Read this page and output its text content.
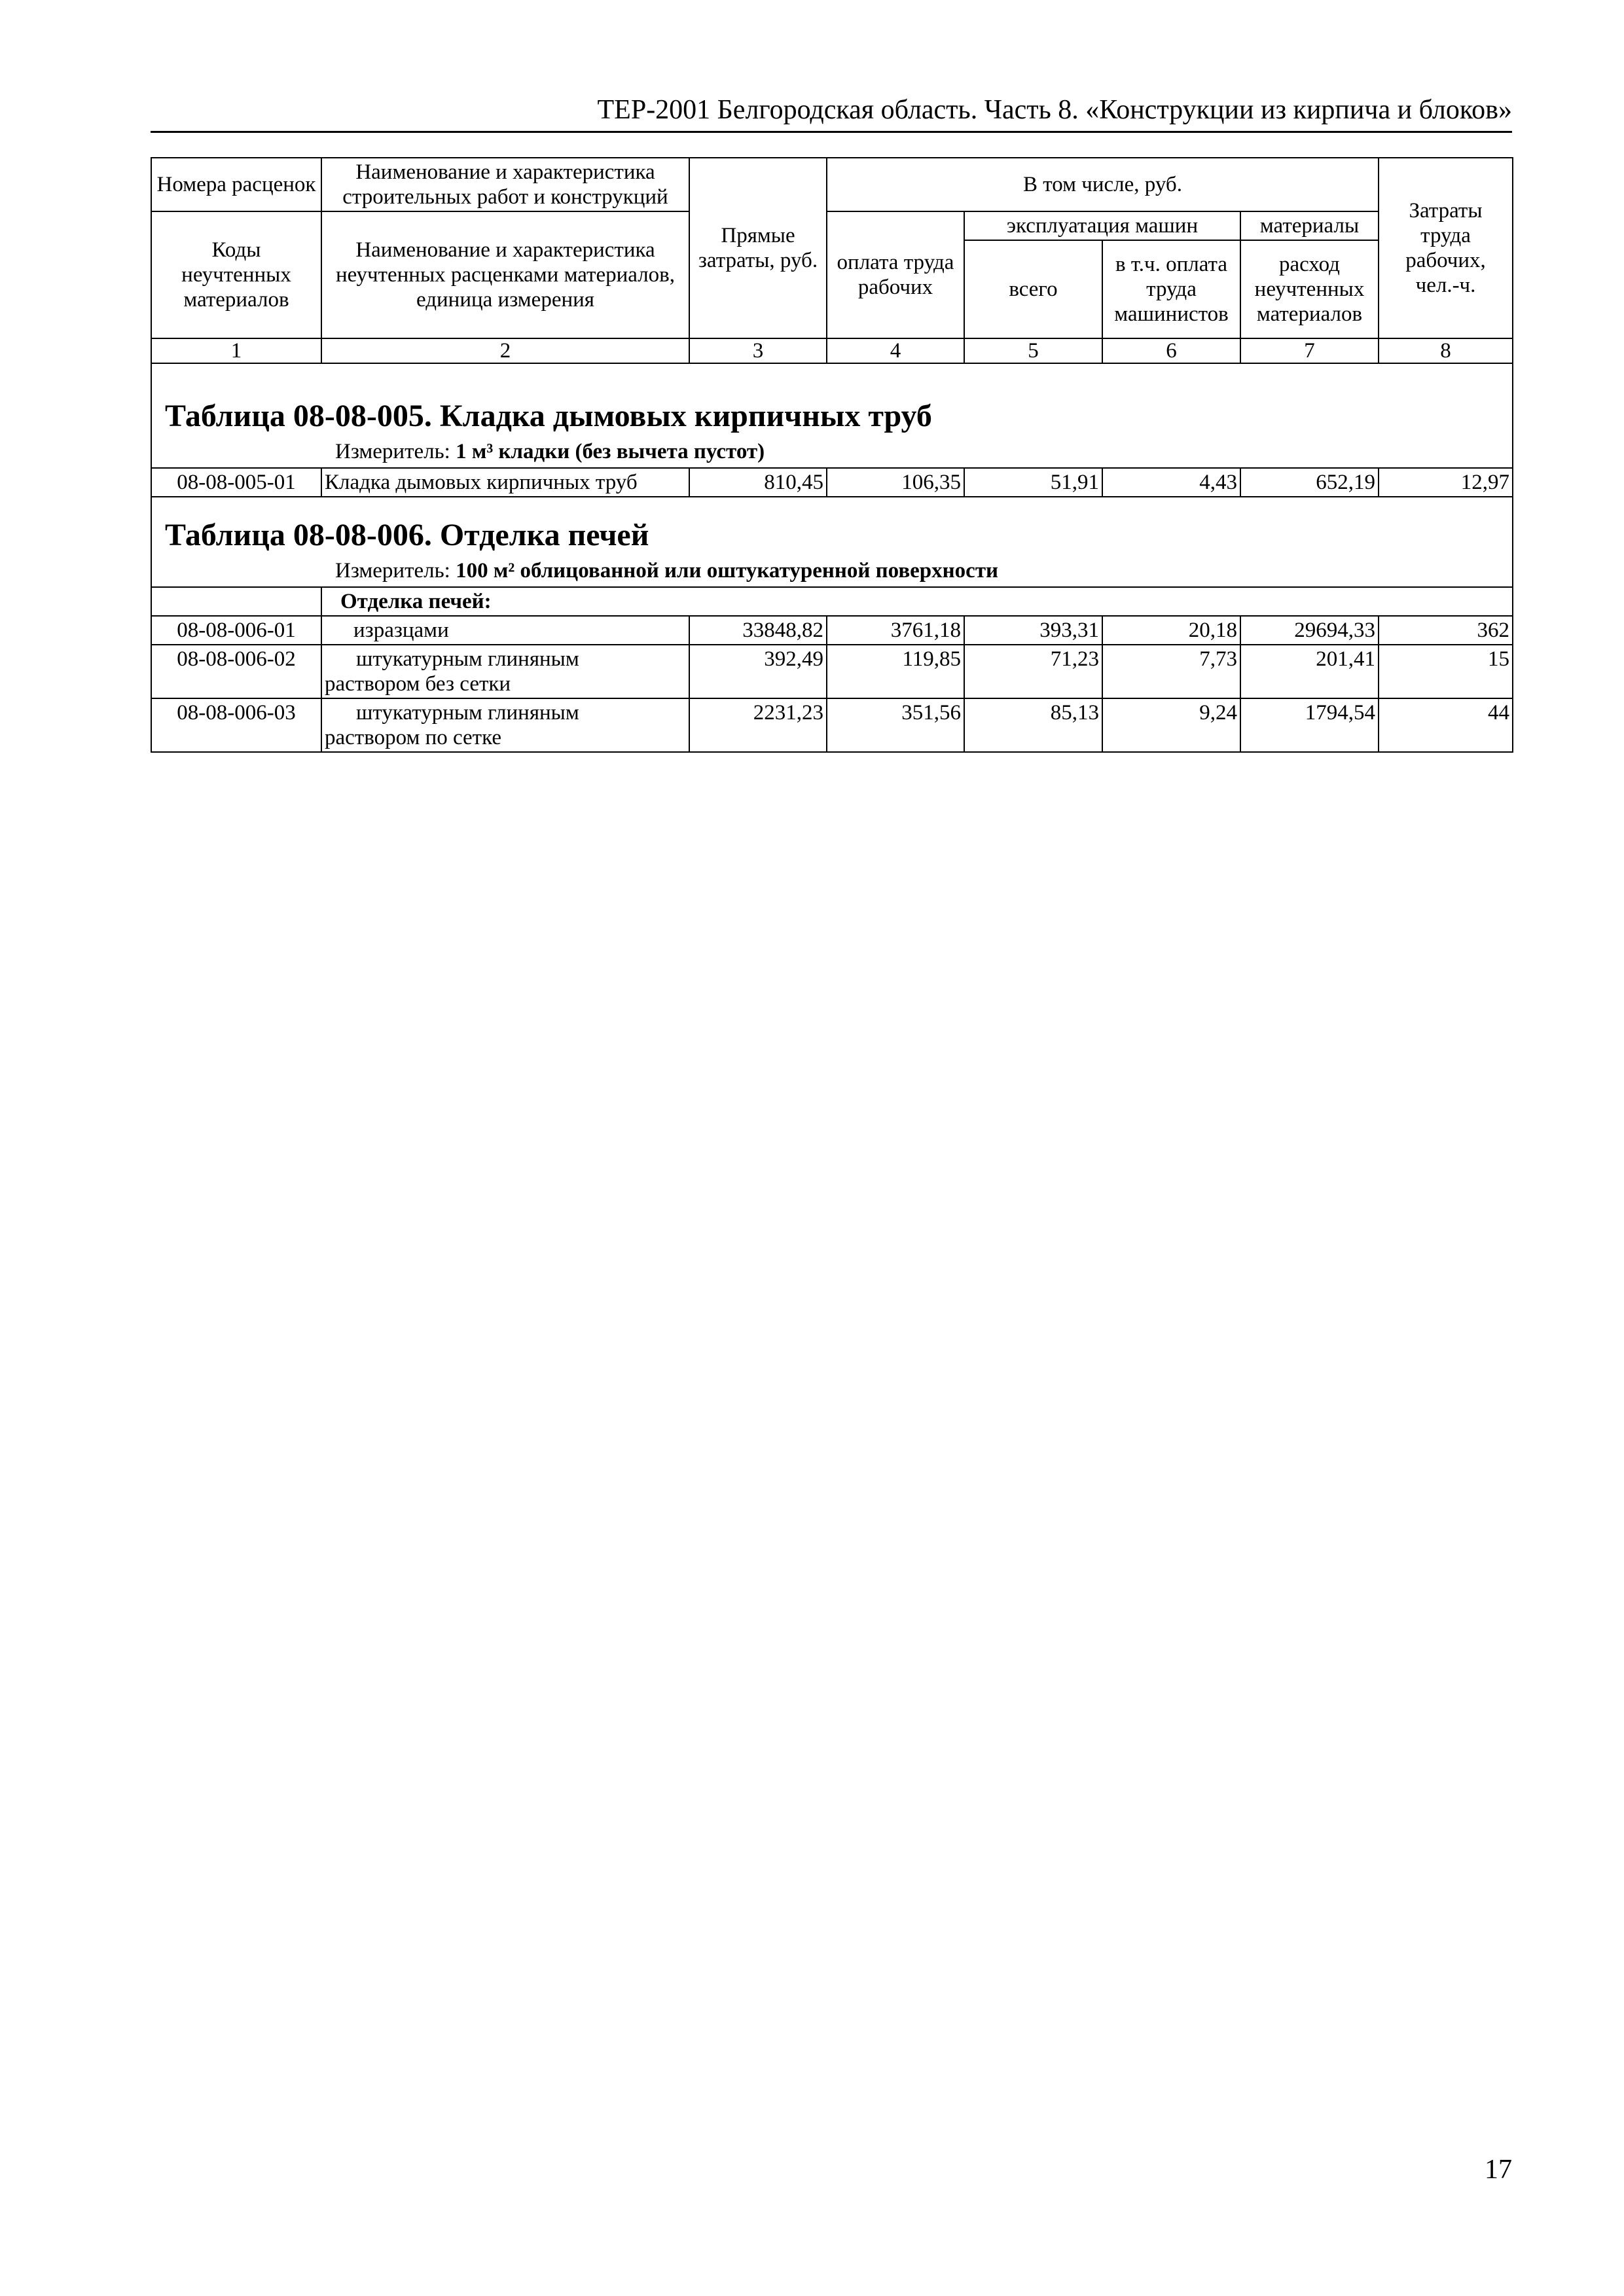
ТЕР-2001 Белгородская область. Часть 8. «Конструкции из кирпича и блоков»
Номера расценок	Наименование и характеристика строительных работ и конструкций	Прямые затраты, руб.	В том числе, руб.				Затраты труда рабочих, чел.-ч.
Коды неучтенных материалов	Наименование и характеристика неучтенных расценками материалов, единица измерения		оплата труда рабочих	эксплуатация машин		материалы	
				всего	в т.ч. оплата труда машинистов	расход неучтенных материалов	
1	2	3	4	5	6	7	8

Таблица 08-08-005. Кладка дымовых кирпичных труб
Измеритель: 1 м³ кладки (без вычета пустот)							

08-08-005-01	Кладка дымовых кирпичных труб	810,45	106,35	51,91	4,43	652,19	12,97

Таблица 08-08-006. Отделка печей
Измеритель: 100 м² облицованной или оштукатуренной поверхности							

	Отделка печей:						
08-08-006-01	изразцами	33848,82	3761,18	393,31	20,18	29694,33	362
08-08-006-02	штукатурным глиняным
раствором без сетки	392,49	119,85	71,23	7,73	201,41	15
08-08-006-03	штукатурным глиняным
раствором по сетке	2231,23	351,56	85,13	9,24	1794,54	44
17
